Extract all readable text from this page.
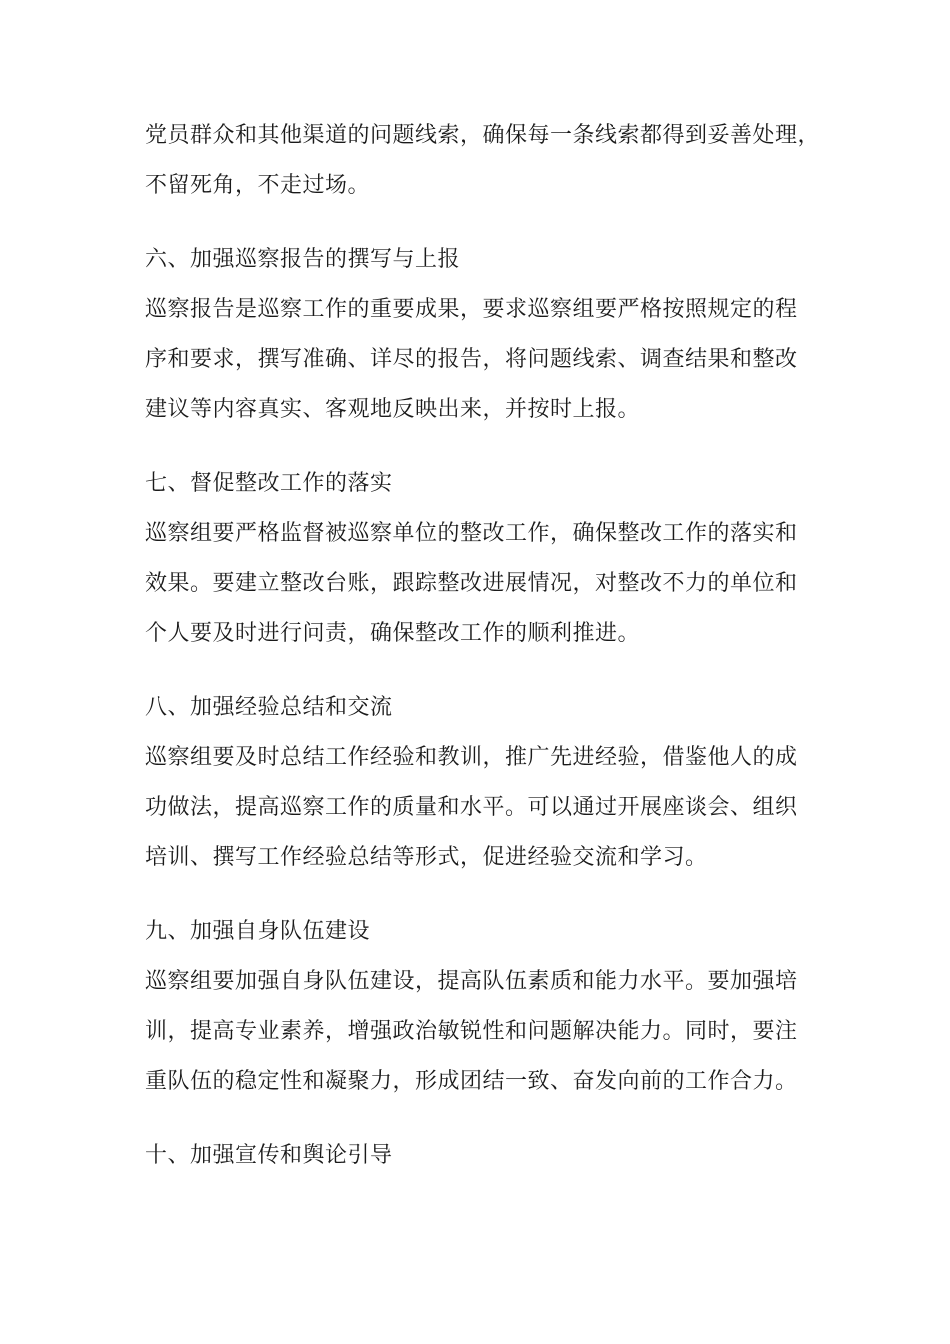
党员群众和其他渠道的问题线索，确保每一条线索都得到妥善处理，
不留死角，不走过场。
六、加强巡察报告的撰写与上报
巡察报告是巡察工作的重要成果，要求巡察组要严格按照规定的程
序和要求，撰写准确、详尽的报告，将问题线索、调查结果和整改
建议等内容真实、客观地反映出来，并按时上报。
七、督促整改工作的落实
巡察组要严格监督被巡察单位的整改工作，确保整改工作的落实和
效果。要建立整改台账，跟踪整改进展情况，对整改不力的单位和
个人要及时进行问责，确保整改工作的顺利推进。
八、加强经验总结和交流
巡察组要及时总结工作经验和教训，推广先进经验，借鉴他人的成
功做法，提高巡察工作的质量和水平。可以通过开展座谈会、组织
培训、撰写工作经验总结等形式，促进经验交流和学习。
九、加强自身队伍建设
巡察组要加强自身队伍建设，提高队伍素质和能力水平。要加强培
训，提高专业素养，增强政治敏锐性和问题解决能力。同时，要注
重队伍的稳定性和凝聚力，形成团结一致、奋发向前的工作合力。
十、加强宣传和舆论引导
